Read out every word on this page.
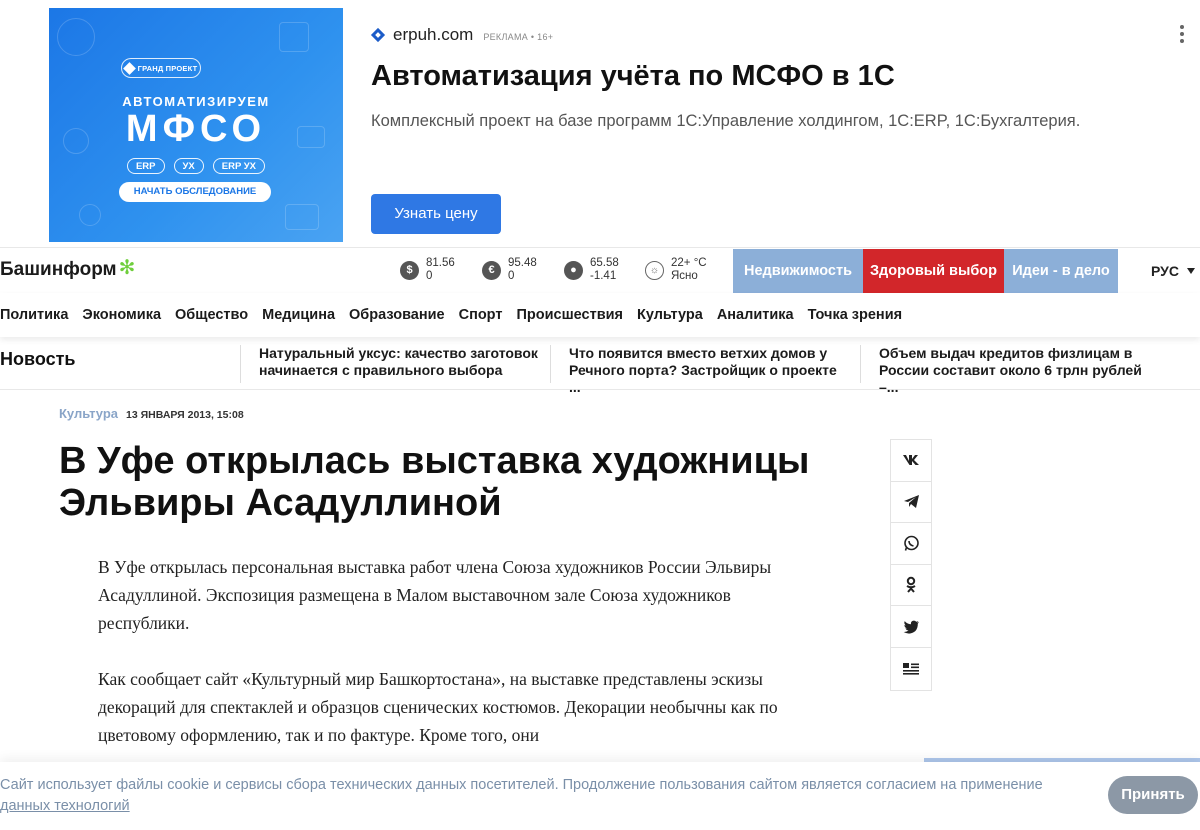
ГРАНД ПРОЕКТ
АВТОМАТИЗИРУЕМ
МФСО
ERP	УХ	ERP УХ
НАЧАТЬ ОБСЛЕДОВАНИЕ
erpuh.com РЕКЛАМА • 16+
Автоматизация учёта по МСФО в 1С
Комплексный проект на базе программ 1С:Управление холдингом, 1С:ERP, 1С:Бухгалтерия.
Узнать цену
Башинформ ✻	$
81.56
0	€
95.48
0	●
65.58
-1.41	☼
22+ °C
Ясно	Недвижимость	Здоровый выбор	Идеи - в дело	РУС
Политика Экономика Общество Медицина Образование Спорт Происшествия Культура Аналитика Точка зрения
Новость	Натуральный уксус: качество заготовок начинается с правильного выбора
Что появится вместо ветхих домов у Речного порта? Застройщик о проекте ...
Объем выдач кредитов физлицам в России составит около 6 трлн рублей –...
Культура 13 ЯНВАРЯ 2013, 15:08
В Уфе открылась выставка художницы Эльвиры Асадуллиной

В Уфе открылась персональная выставка работ члена Союза художников России Эльвиры Асадуллиной. Экспозиция размещена в Малом выставочном зале Союза художников республики.

Как сообщает сайт «Культурный мир Башкортостана», на выставке представлены эскизы декораций для спектаклей и образцов сценических костюмов. Декорации необычны как по цветовому оформлению, так и по фактуре. Кроме того, они

Сайт использует файлы cookie и сервисы сбора технических данных посетителей. Продолжение пользования сайтом является согласием на применение данных технологий
Принять
